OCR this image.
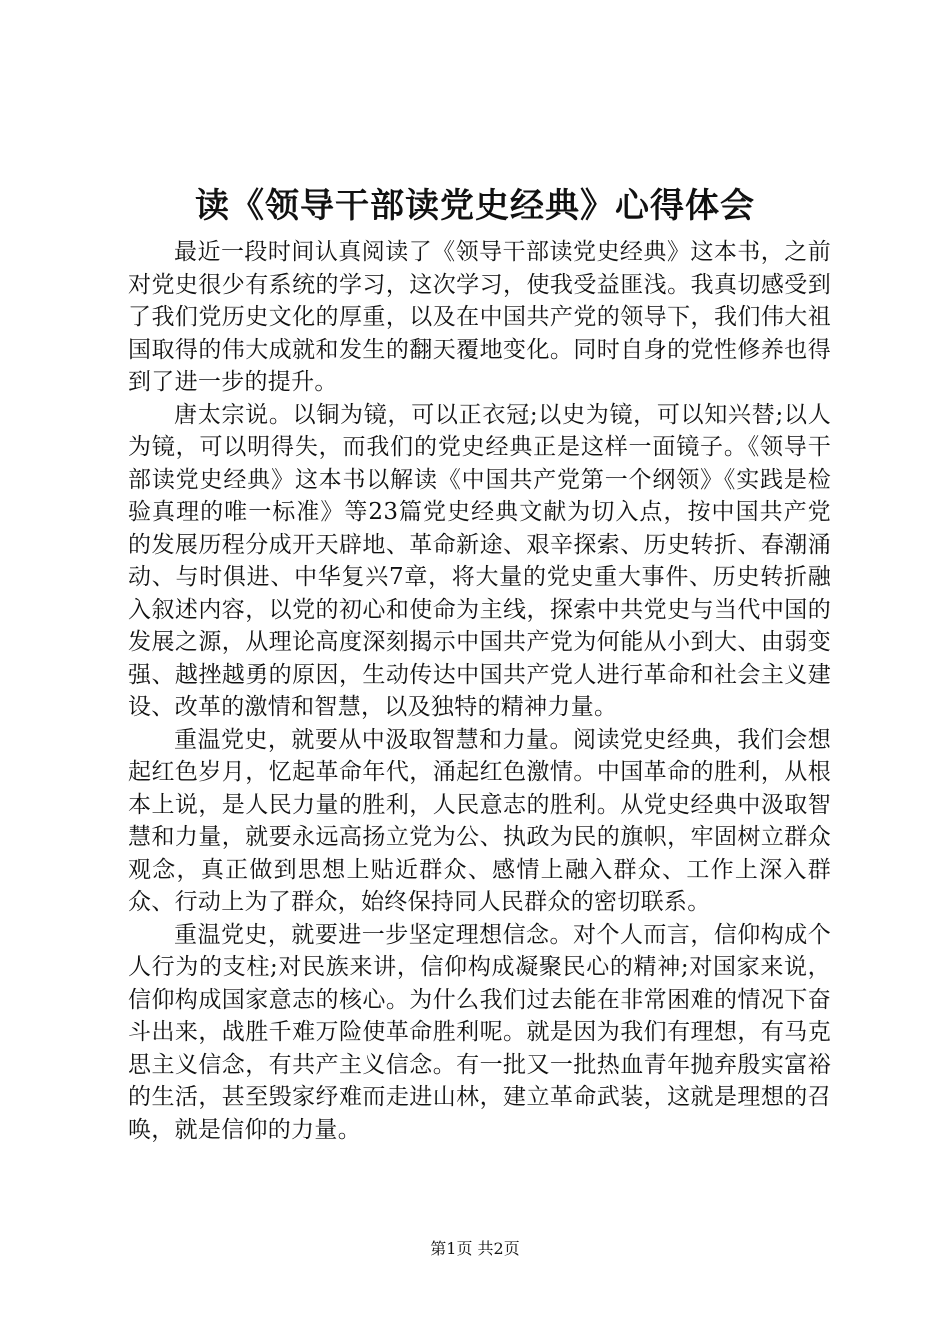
读《领导干部读党史经典》心得体会

最近一段时间认真阅读了《领导干部读党史经典》这本书，之前对党史很少有系统的学习，这次学习，使我受益匪浅。我真切感受到了我们党历史文化的厚重，以及在中国共产党的领导下，我们伟大祖国取得的伟大成就和发生的翻天覆地变化。同时自身的党性修养也得到了进一步的提升。

唐太宗说。以铜为镜，可以正衣冠;以史为镜，可以知兴替;以人为镜，可以明得失，而我们的党史经典正是这样一面镜子。《领导干部读党史经典》这本书以解读《中国共产党第一个纲领》《实践是检验真理的唯一标准》等23篇党史经典文献为切入点，按中国共产党的发展历程分成开天辟地、革命新途、艰辛探索、历史转折、春潮涌动、与时俱进、中华复兴7章，将大量的党史重大事件、历史转折融入叙述内容，以党的初心和使命为主线，探索中共党史与当代中国的发展之源，从理论高度深刻揭示中国共产党为何能从小到大、由弱变强、越挫越勇的原因，生动传达中国共产党人进行革命和社会主义建设、改革的激情和智慧，以及独特的精神力量。

重温党史，就要从中汲取智慧和力量。阅读党史经典，我们会想起红色岁月，忆起革命年代，涌起红色激情。中国革命的胜利，从根本上说，是人民力量的胜利，人民意志的胜利。从党史经典中汲取智慧和力量，就要永远高扬立党为公、执政为民的旗帜，牢固树立群众观念，真正做到思想上贴近群众、感情上融入群众、工作上深入群众、行动上为了群众，始终保持同人民群众的密切联系。

重温党史，就要进一步坚定理想信念。对个人而言，信仰构成个人行为的支柱;对民族来讲，信仰构成凝聚民心的精神;对国家来说，信仰构成国家意志的核心。为什么我们过去能在非常困难的情况下奋斗出来，战胜千难万险使革命胜利呢。就是因为我们有理想，有马克思主义信念，有共产主义信念。有一批又一批热血青年抛弃殷实富裕的生活，甚至毁家纾难而走进山林，建立革命武装，这就是理想的召唤，就是信仰的力量。

第1页 共2页
